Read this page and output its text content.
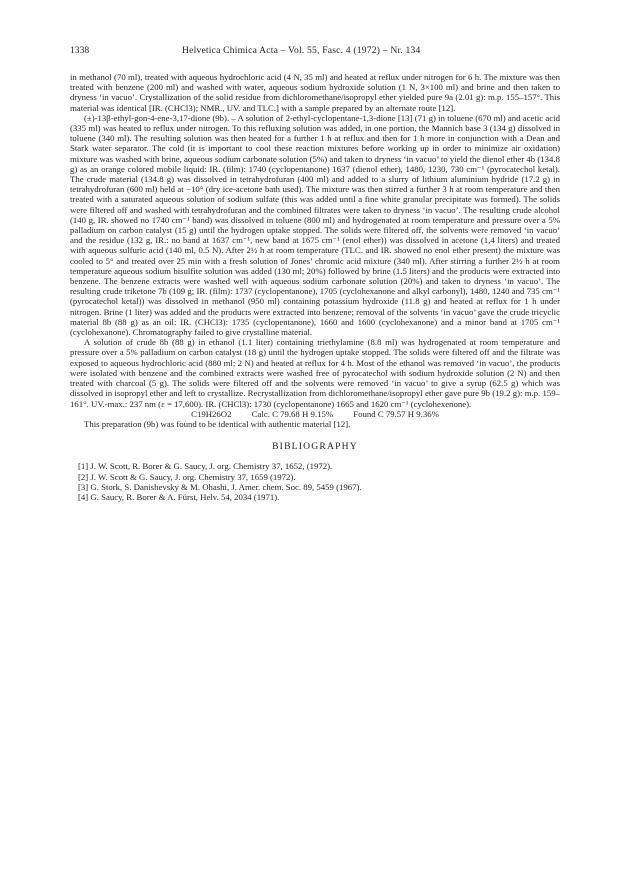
1338	Helvetica Chimica Acta – Vol. 55, Fasc. 4 (1972) – Nr. 134

in methanol (70 ml), treated with aqueous hydrochloric acid (4 N, 35 ml) and heated at reflux under nitrogen for 6 h. The mixture was then treated with benzene (200 ml) and washed with water, aqueous sodium hydroxide solution (1 N, 3×100 ml) and brine and then taken to dryness ‘in vacuo’. Crystallization of the solid residue from dichloromethane/isopropyl ether yielded pure 9a (2.01 g): m.p. 155–157°. This material was identical [IR. (CHCl3); NMR., UV. and TLC.] with a sample prepared by an alternate route [12].

(±)-13β-ethyl-gon-4-ene-3,17-dione (9b). – A solution of 2-ethyl-cyclopentane-1,3-dione [13] (71 g) in toluene (670 ml) and acetic acid (335 ml) was heated to reflux under nitrogen. To this refluxing solution was added, in one portion, the Mannich base 3 (134 g) dissolved in toluene (340 ml). The resulting solution was then heated for a further 1 h at reflux and then for 1 h more in conjunction with a Dean and Stark water separator. The cold (it is important to cool these reaction mixtures before working up in order to minimize air oxidation) mixture was washed with brine, aqueous sodium carbonate solution (5%) and taken to dryness ‘in vacuo’ to yield the dienol ether 4b (134.8 g) as an orange colored mobile liquid: IR. (film): 1740 (cyclopentanone) 1637 (dienol ether), 1480, 1230, 730 cm⁻¹ (pyrocatechol ketal). The crude material (134.8 g) was dissolved in tetrahydrofuran (400 ml) and added to a slurry of lithium aluminium hydride (17.2 g) in tetrahydrofuran (600 ml) held at −10° (dry ice-acetone bath used). The mixture was then stirred a further 3 h at room temperature and then treated with a saturated aqueous solution of sodium sulfate (this was added until a fine white granular precipitate was formed). The solids were filtered off and washed with tetrahydrofuran and the combined filtrates were taken to dryness ‘in vacuo’. The resulting crude alcohol (140 g, IR. showed no 1740 cm⁻¹ band) was dissolved in toluene (800 ml) and hydrogenated at room temperature and pressure over a 5% palladium on carbon catalyst (15 g) until the hydrogen uptake stopped. The solids were filtered off, the solvents were removed ‘in vacuo’ and the residue (132 g, IR.: no band at 1637 cm⁻¹, new band at 1675 cm⁻¹ (enol ether)) was dissolved in acetone (1,4 liters) and treated with aqueous sulfuric acid (140 ml, 0.5 N). After 2½ h at room temperature (TLC. and IR. showed no enol ether present) the mixture was cooled to 5° and treated over 25 min with a fresh solution of Jones’ chromic acid mixture (340 ml). After stirring a further 2½ h at room temperature aqueous sodium bisulfite solution was added (130 ml; 20%) followed by brine (1.5 liters) and the products were extracted into benzene. The benzene extracts were washed well with aqueous sodium carbonate solution (20%) and taken to dryness ‘in vacuo’. The resulting crude triketone 7b (109 g; IR. (film): 1737 (cyclopentanone), 1705 (cyclohexanone and alkyl carbonyl), 1480, 1240 and 735 cm⁻¹ (pyrocatechol ketal)) was dissolved in methanol (950 ml) containing potassium hydroxide (11.8 g) and heated at reflux for 1 h under nitrogen. Brine (1 liter) was added and the products were extracted into benzene; removal of the solvents ‘in vacuo’ gave the crude tricyclic material 8b (88 g) as an oil: IR. (CHCl3): 1735 (cyclopentanone), 1660 and 1600 (cyclohexanone) and a minor band at 1705 cm⁻¹ (cyclohexanone). Chromatography failed to give crystalline material.

A solution of crude 8b (88 g) in ethanol (1.1 liter) containing triethylamine (8.8 ml) was hydrogenated at room temperature and pressure over a 5% palladium on carbon catalyst (18 g) until the hydrogen uptake stopped. The solids were filtered off and the filtrate was exposed to aqueous hydrochloric acid (880 ml; 2 N) and heated at reflux for 4 h. Most of the ethanol was removed ‘in vacuo’, the products were isolated with benzene and the combined extracts were washed free of pyrocatechol with sodium hydroxide solution (2 N) and then treated with charcoal (5 g). The solids were filtered off and the solvents were removed ‘in vacuo’ to give a syrup (62.5 g) which was dissolved in isopropyl ether and left to crystallize. Recrystallization from dichloromethane/isopropyl ether gave pure 9b (19.2 g): m.p. 159–161°. UV.-max.: 237 nm (ε = 17,600). IR. (CHCl3): 1730 (cyclopentanone) 1665 and 1620 cm⁻¹ (cyclohexenone).

C19H26O2 Calc. C 79.68 H 9.15% Found C 79.57 H 9.36%

This preparation (9b) was found to be identical with authentic material [12].

BIBLIOGRAPHY
[1] J. W. Scott, R. Borer & G. Saucy, J. org. Chemistry 37, 1652, (1972).
[2] J. W. Scott & G. Saucy, J. org. Chemistry 37, 1659 (1972).
[3] G. Stork, S. Danishevsky & M. Ohashi, J. Amer. chem. Soc. 89, 5459 (1967).
[4] G. Saucy, R. Borer & A. Fürst, Helv. 54, 2034 (1971).
